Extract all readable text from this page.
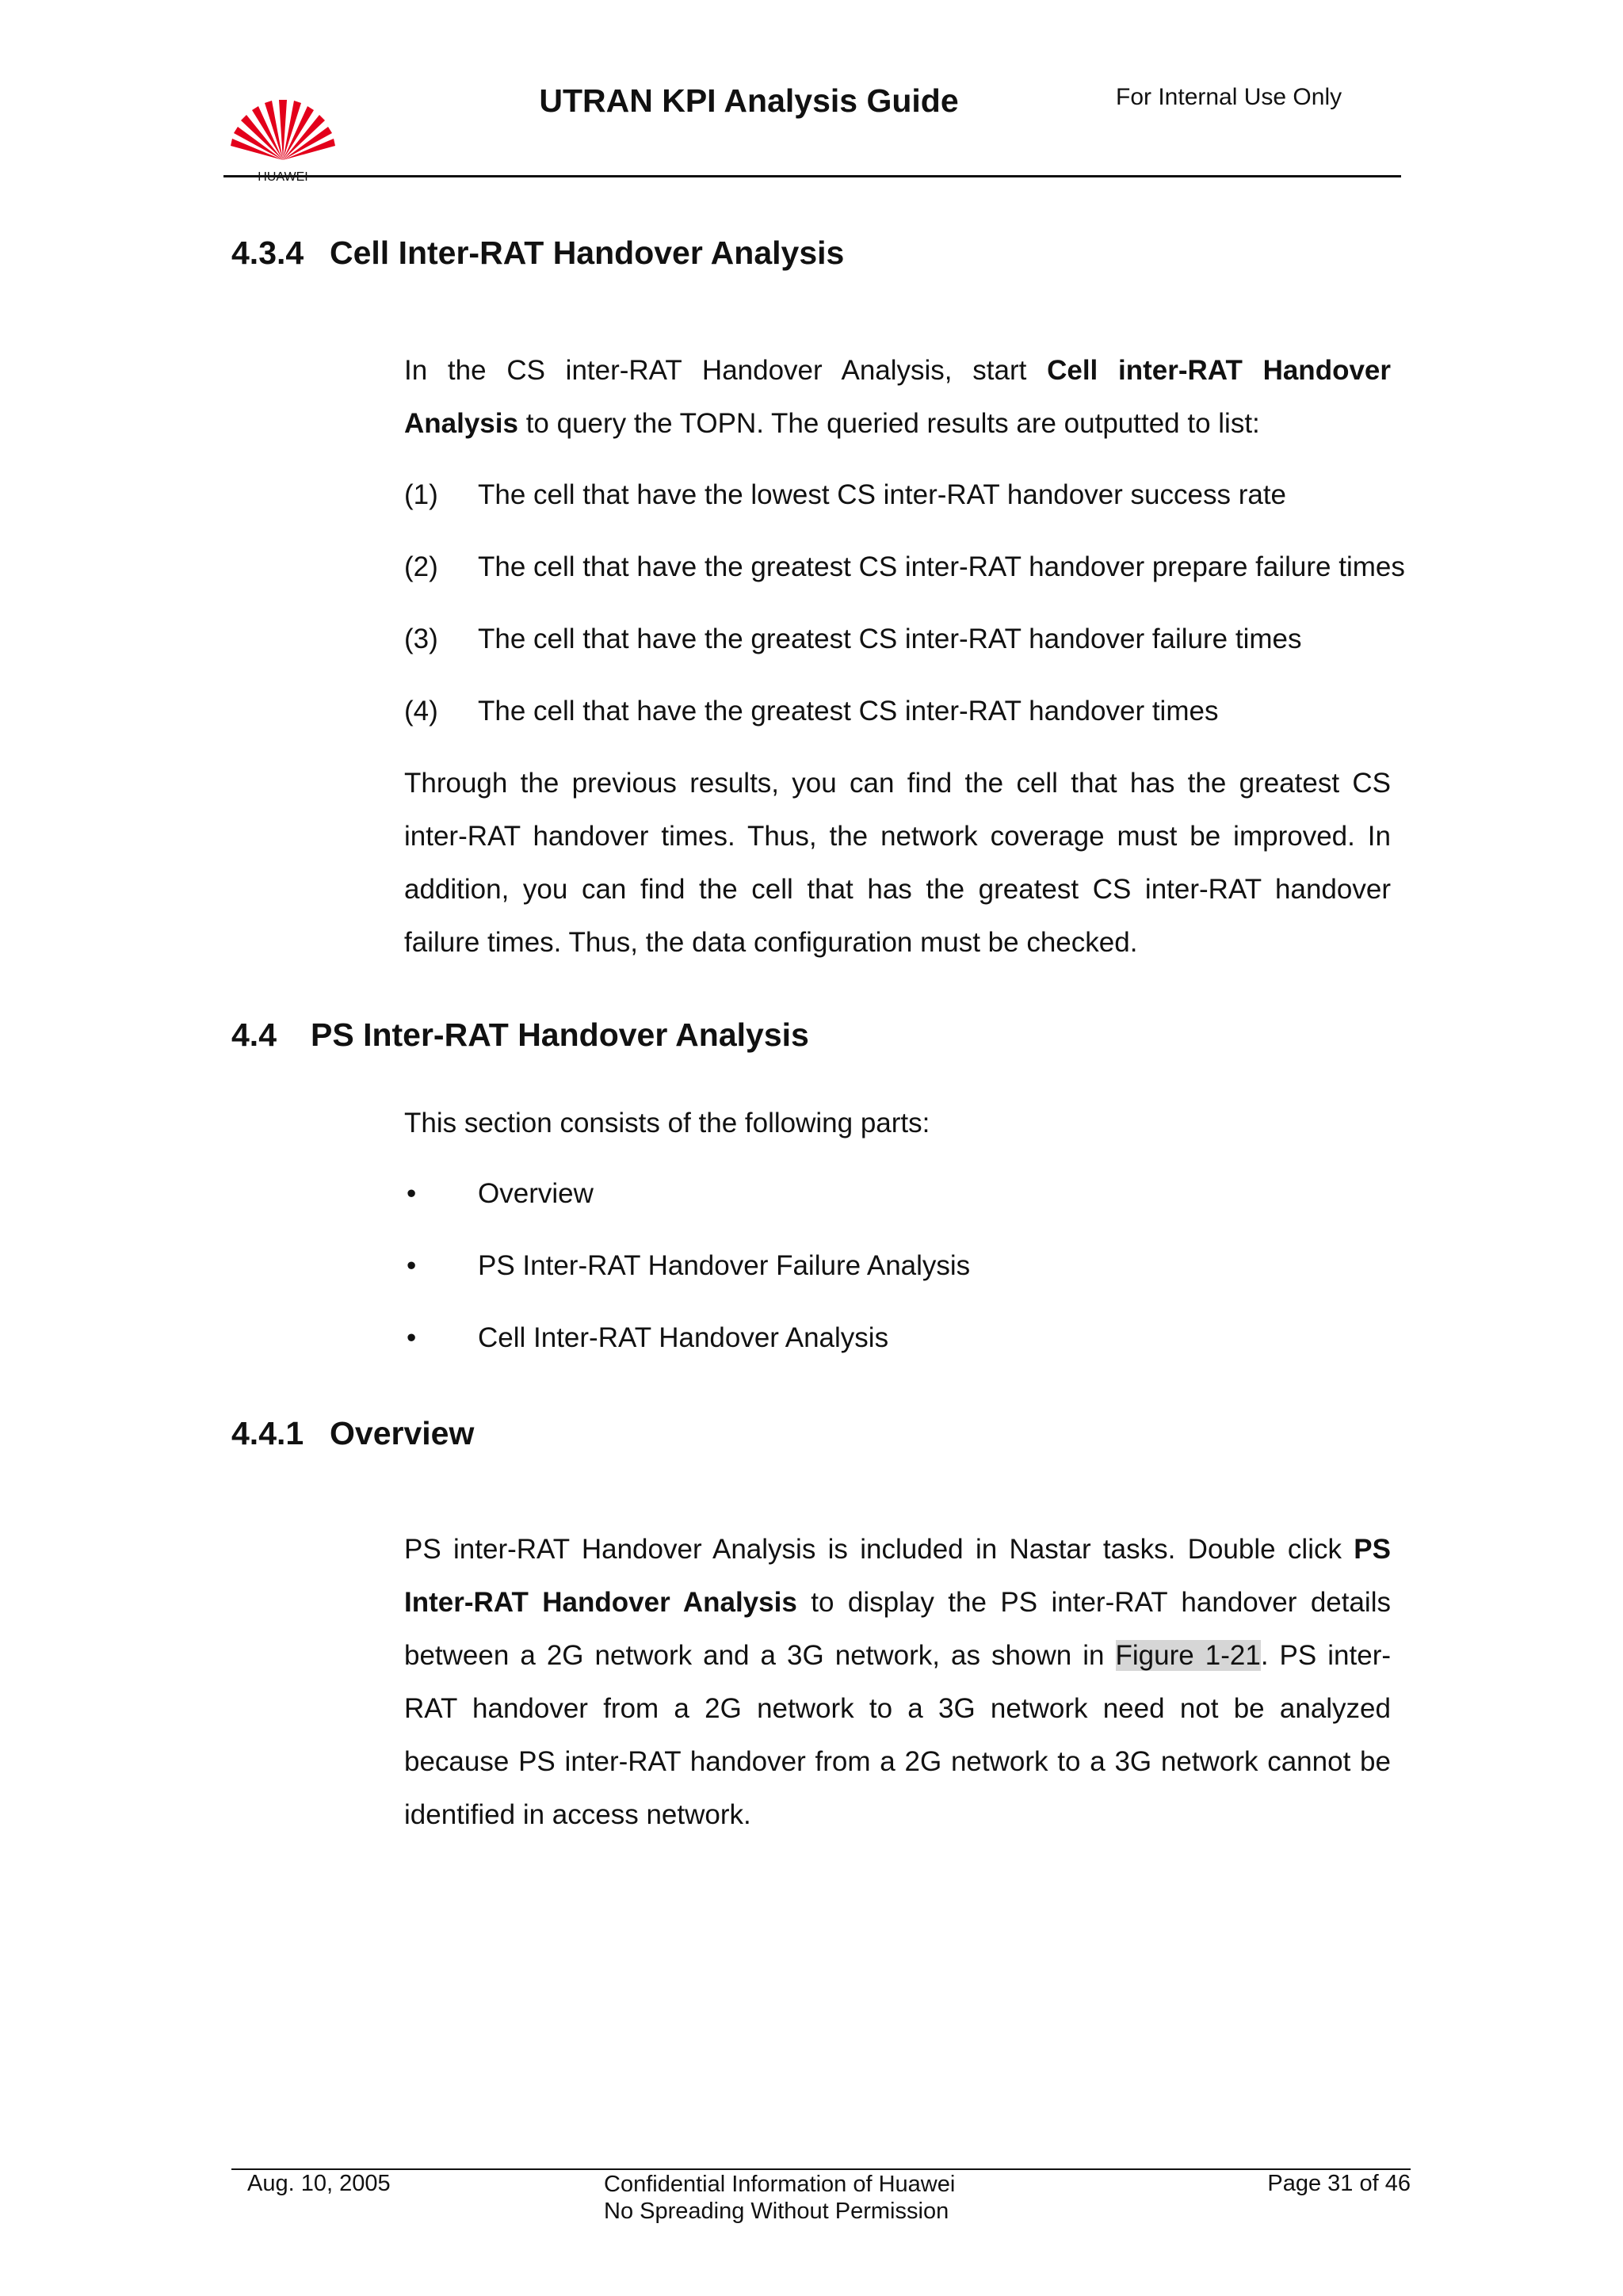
UTRAN KPI Analysis Guide	For Internal Use Only
4.3.4 Cell Inter-RAT Handover Analysis
In the CS inter-RAT Handover Analysis, start Cell inter-RAT Handover Analysis to query the TOPN. The queried results are outputted to list:
(1) The cell that have the lowest CS inter-RAT handover success rate
(2) The cell that have the greatest CS inter-RAT handover prepare failure times
(3) The cell that have the greatest CS inter-RAT handover failure times
(4) The cell that have the greatest CS inter-RAT handover times
Through the previous results, you can find the cell that has the greatest CS inter-RAT handover times. Thus, the network coverage must be improved. In addition, you can find the cell that has the greatest CS inter-RAT handover failure times. Thus, the data configuration must be checked.
4.4 PS Inter-RAT Handover Analysis
This section consists of the following parts:
• Overview
• PS Inter-RAT Handover Failure Analysis
• Cell Inter-RAT Handover Analysis
4.4.1 Overview
PS inter-RAT Handover Analysis is included in Nastar tasks. Double click PS Inter-RAT Handover Analysis to display the PS inter-RAT handover details between a 2G network and a 3G network, as shown in Figure 1-21. PS inter-RAT handover from a 2G network to a 3G network need not be analyzed because PS inter-RAT handover from a 2G network to a 3G network cannot be identified in access network.
Aug. 10, 2005	Confidential Information of Huawei
No Spreading Without Permission
Page 31 of 46
